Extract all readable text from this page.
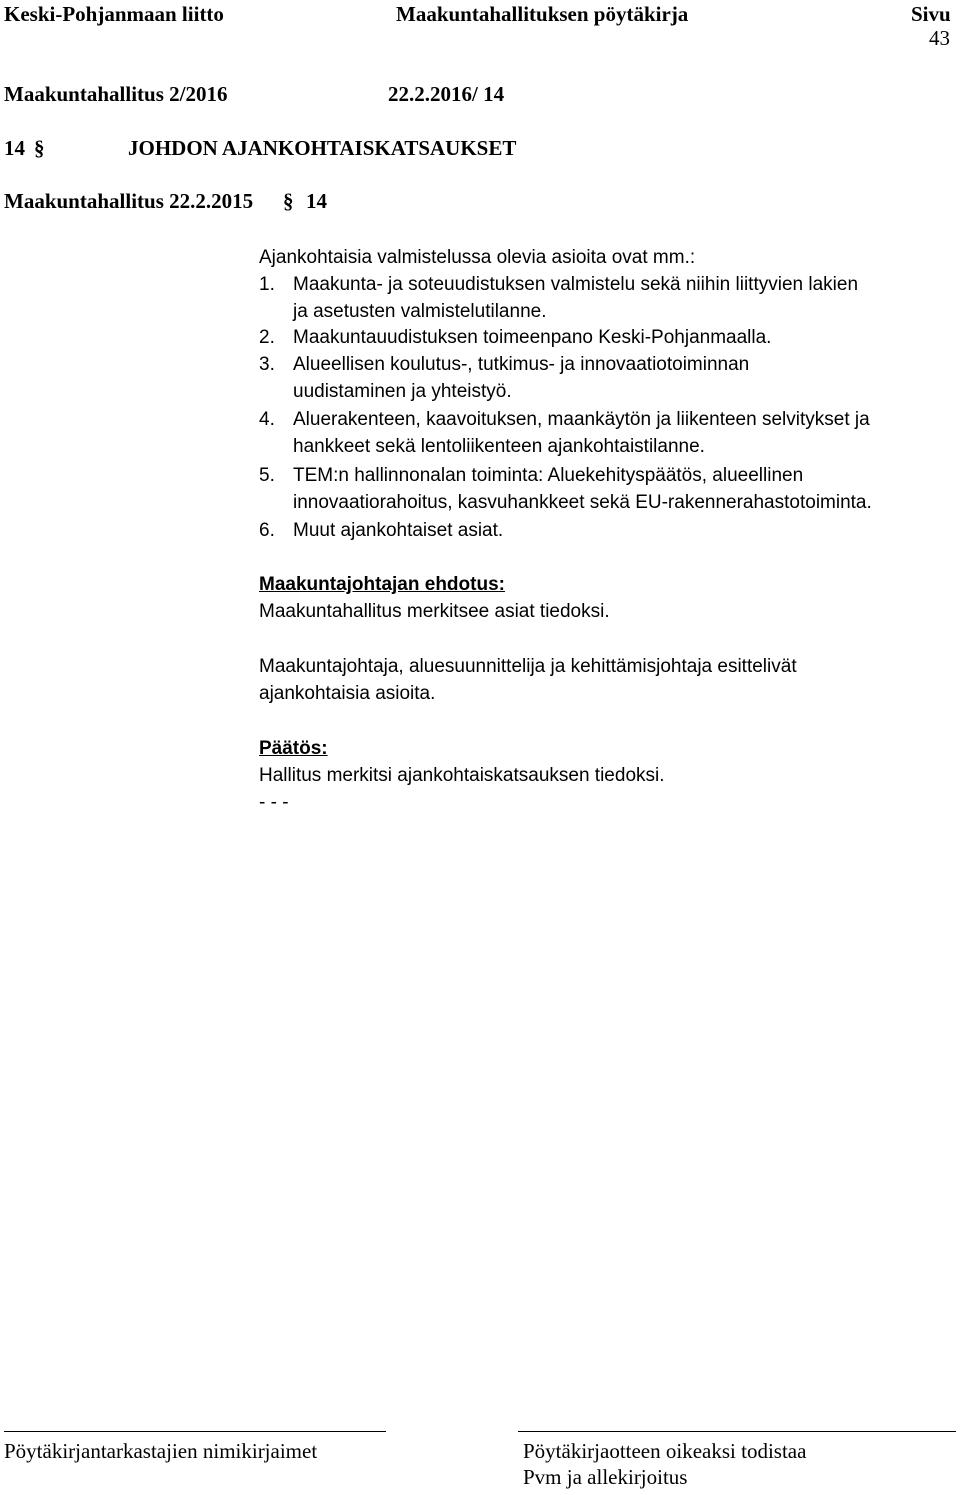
Keski-Pohjanmaan liitto	Maakuntahallituksen pöytäkirja	Sivu
43
Maakuntahallitus 2/2016	22.2.2016/ 14
14 §	JOHDON AJANKOHTAISKATSAUKSET
Maakuntahallitus 22.2.2015 § 14
Ajankohtaisia valmistelussa olevia asioita ovat mm.:
1. Maakunta- ja soteuudistuksen valmistelu sekä niihin liittyvien lakien
ja asetusten valmistelutilanne.
2. Maakuntauudistuksen toimeenpano Keski-Pohjanmaalla.
3. Alueellisen koulutus-, tutkimus- ja innovaatiotoiminnan
uudistaminen ja yhteistyö.
4. Aluerakenteen, kaavoituksen, maankäytön ja liikenteen selvitykset ja
hankkeet sekä lentoliikenteen ajankohtaistilanne.
5. TEM:n hallinnonalan toiminta: Aluekehityspäätös, alueellinen
innovaatiorahoitus, kasvuhankkeet sekä EU-rakennerahastotoiminta.
6. Muut ajankohtaiset asiat.
Maakuntajohtajan ehdotus:
Maakuntahallitus merkitsee asiat tiedoksi.
Maakuntajohtaja, aluesuunnittelija ja kehittämisjohtaja esittelivät
ajankohtaisia asioita.
Päätös:
Hallitus merkitsi ajankohtaiskatsauksen tiedoksi.
- - -
Pöytäkirjantarkastajien nimikirjaimet	Pöytäkirjaotteen oikeaksi todistaa
Pvm ja allekirjoitus
